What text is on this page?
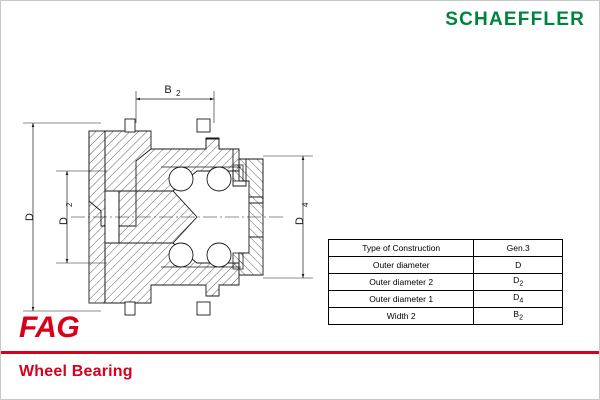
SCHAEFFLER
B 2
D
D
2
D
4
Type of Construction	Gen.3
Outer diameter	D
Outer diameter 2	$D_2$
Outer diameter 1	$D_4$
Width 2	$B_2$
FAG
Wheel Bearing
